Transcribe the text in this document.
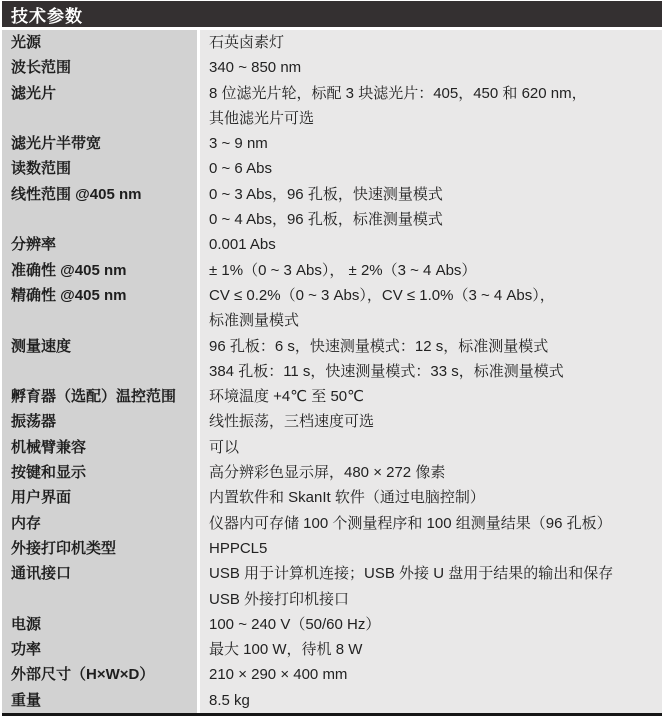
技术参数
光源	石英卤素灯
波长范围	340 ~ 850 nm
滤光片	8 位滤光片轮，标配 3 块滤光片：405，450 和 620 nm，
其他滤光片可选
滤光片半带宽	3 ~ 9 nm
读数范围	0 ~ 6 Abs
线性范围 @405 nm	0 ~ 3 Abs，96 孔板，快速测量模式
0 ~ 4 Abs，96 孔板，标准测量模式
分辨率	0.001 Abs
准确性 @405 nm	± 1%（0 ~ 3 Abs）， ± 2%（3 ~ 4 Abs）
精确性 @405 nm	CV ≤ 0.2%（0 ~ 3 Abs），CV ≤ 1.0%（3 ~ 4 Abs），
标准测量模式
测量速度	96 孔板：6 s，快速测量模式：12 s，标准测量模式
384 孔板：11 s，快速测量模式：33 s，标准测量模式
孵育器（选配）温控范围	环境温度 +4℃ 至 50℃
振荡器	线性振荡，三档速度可选
机械臂兼容	可以
按键和显示	高分辨彩色显示屏，480 × 272 像素
用户界面	内置软件和 SkanIt 软件（通过电脑控制）
内存	仪器内可存储 100 个测量程序和 100 组测量结果（96 孔板）
外接打印机类型	HPPCL5
通讯接口	USB 用于计算机连接；USB 外接 U 盘用于结果的输出和保存
USB 外接打印机接口
电源	100 ~ 240 V（50/60 Hz）
功率	最大 100 W，待机 8 W
外部尺寸（H×W×D）	210 × 290 × 400 mm
重量	8.5 kg
